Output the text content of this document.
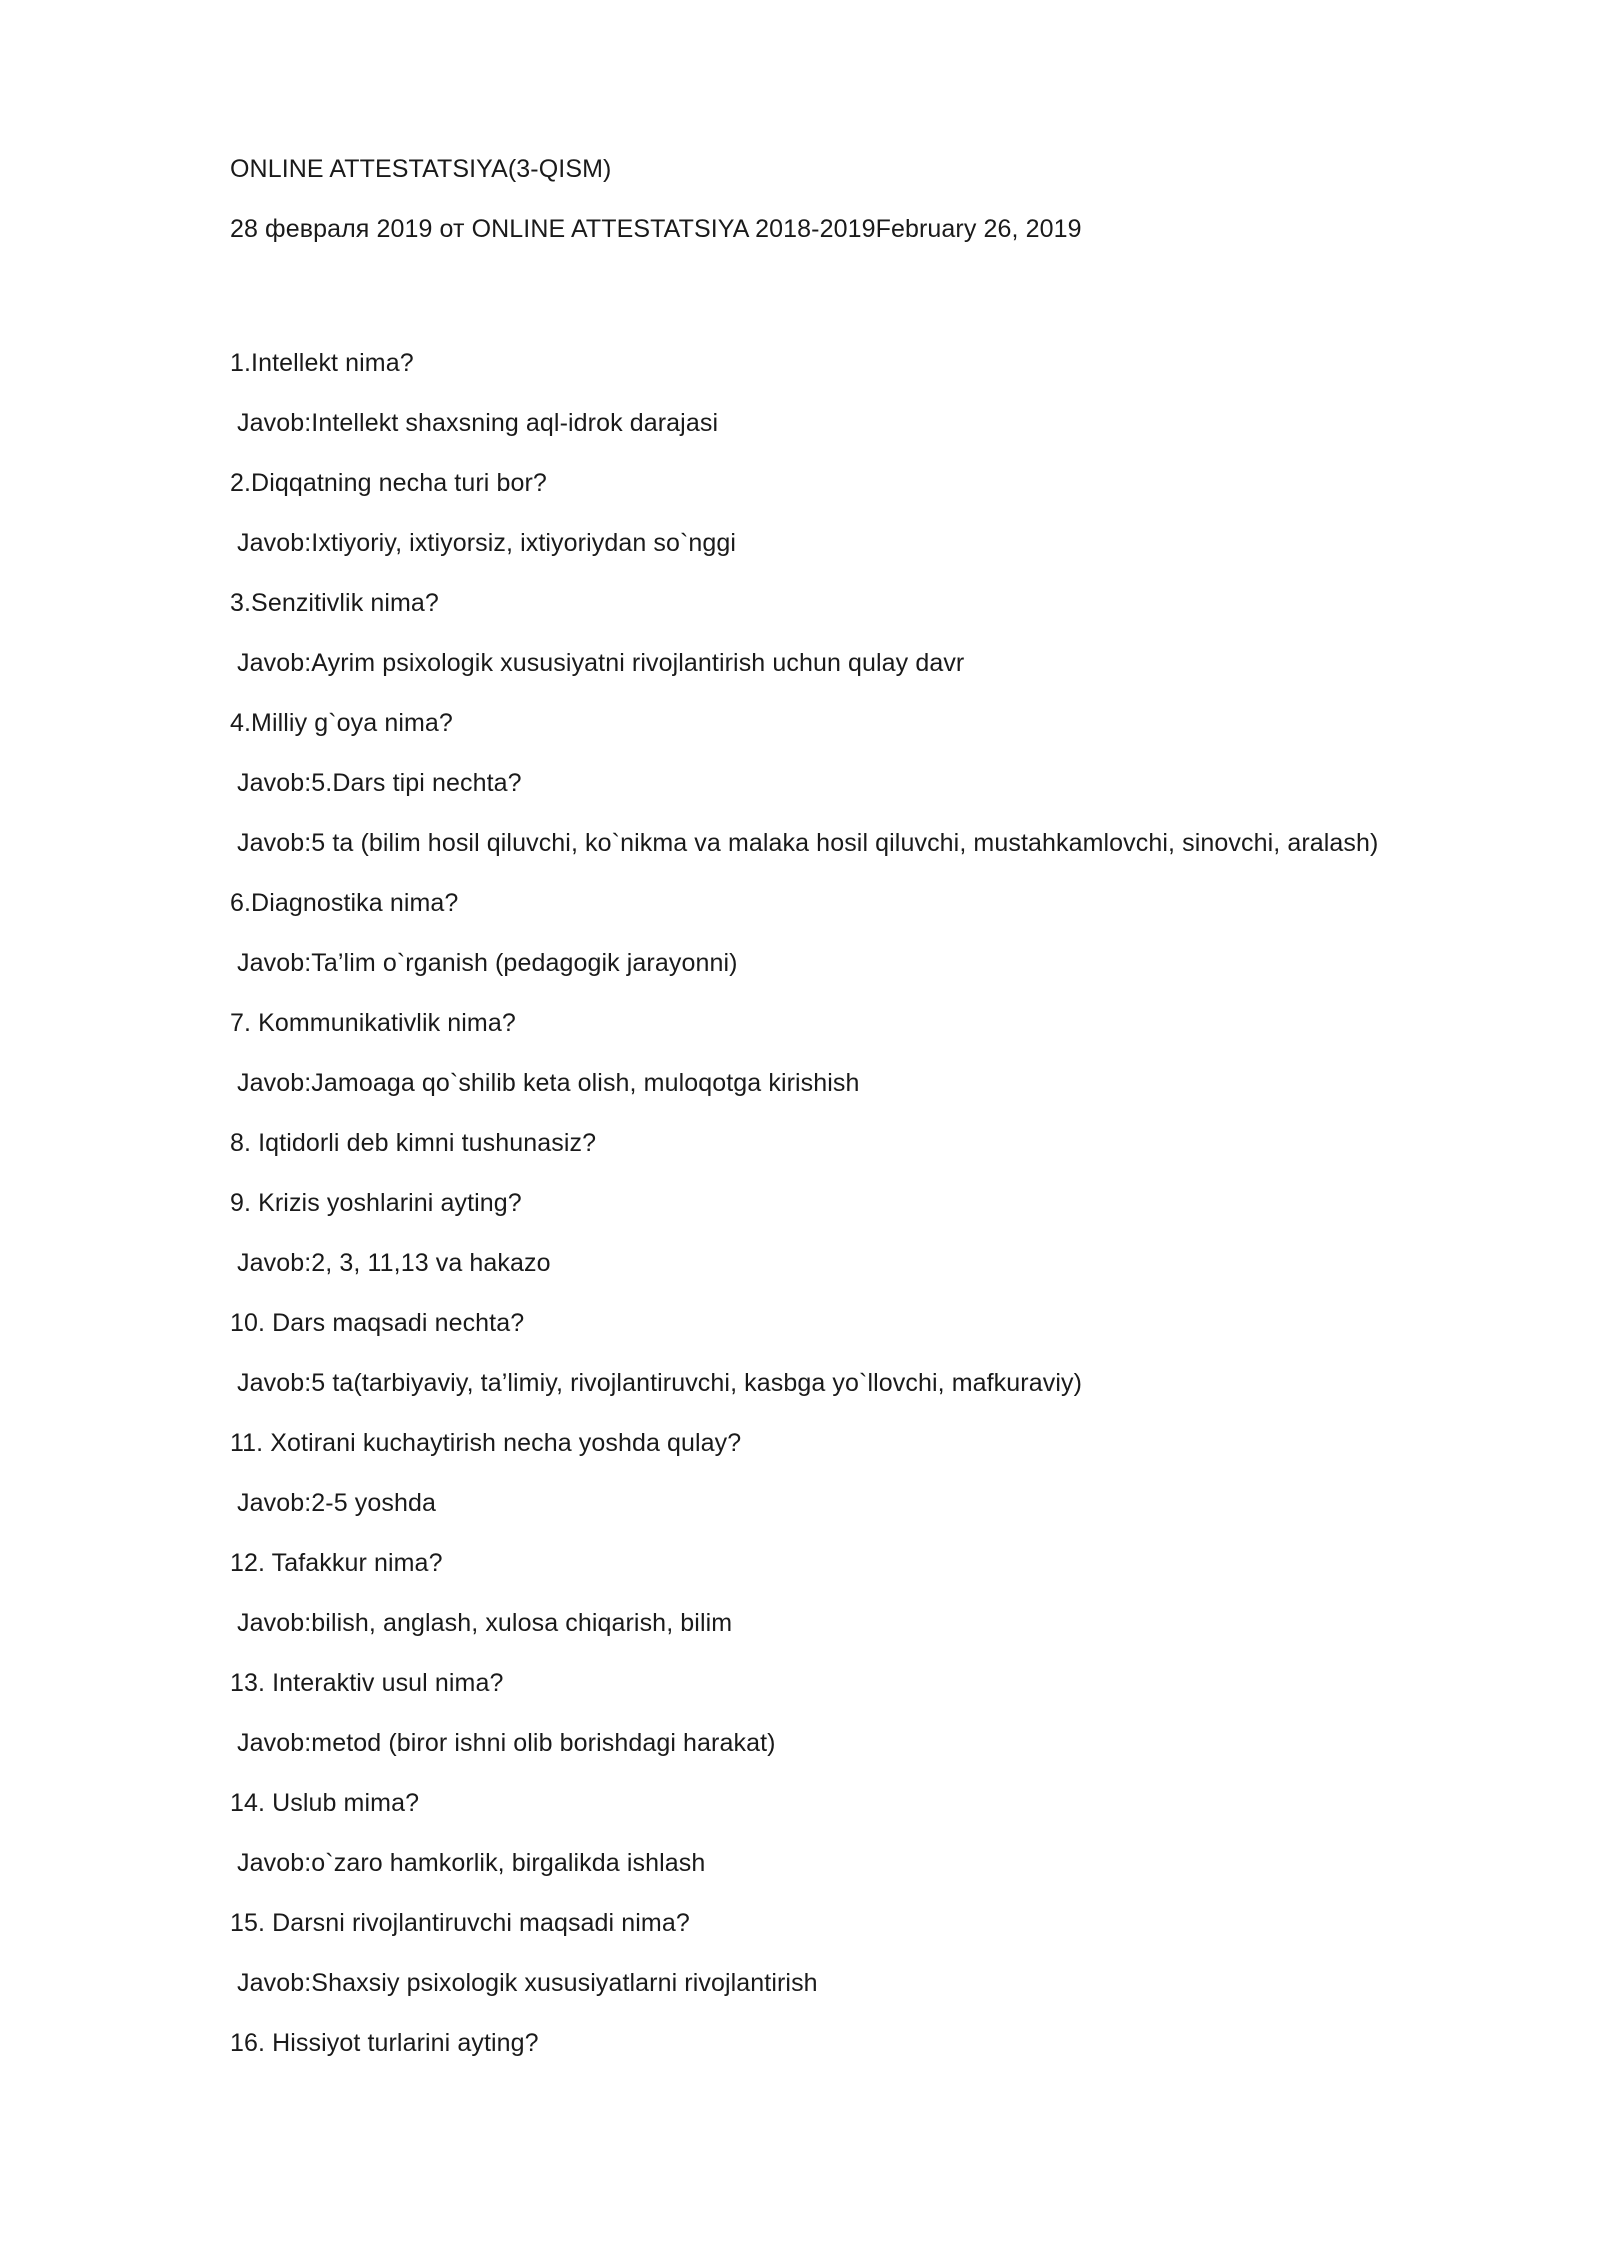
ONLINE ATTESTATSIYA(3-QISM)

28 февраля 2019 от ONLINE ATTESTATSIYA 2018-2019February 26, 2019

1.Intellekt nima?

Javob:Intellekt shaxsning aql-idrok darajasi

2.Diqqatning necha turi bor?

Javob:Ixtiyoriy, ixtiyorsiz, ixtiyoriydan so`nggi

3.Senzitivlik nima?

Javob:Ayrim psixologik xususiyatni rivojlantirish uchun qulay davr

4.Milliy g`oya nima?

Javob:5.Dars tipi nechta?

Javob:5 ta (bilim hosil qiluvchi, ko`nikma va malaka hosil qiluvchi, mustahkamlovchi, sinovchi, aralash)

6.Diagnostika nima?

Javob:Ta’lim o`rganish (pedagogik jarayonni)

7. Kommunikativlik nima?

Javob:Jamoaga qo`shilib keta olish, muloqotga kirishish

8. Iqtidorli deb kimni tushunasiz?

9. Krizis yoshlarini ayting?

Javob:2, 3, 11,13 va hakazo

10. Dars maqsadi nechta?

Javob:5 ta(tarbiyaviy, ta’limiy, rivojlantiruvchi, kasbga yo`llovchi, mafkuraviy)

11. Xotirani kuchaytirish necha yoshda qulay?

Javob:2-5 yoshda

12. Tafakkur nima?

Javob:bilish, anglash, xulosa chiqarish, bilim

13. Interaktiv usul nima?

Javob:metod (biror ishni olib borishdagi harakat)

14. Uslub mima?

Javob:o`zaro hamkorlik, birgalikda ishlash

15. Darsni rivojlantiruvchi maqsadi nima?

Javob:Shaxsiy psixologik xususiyatlarni rivojlantirish

16. Hissiyot turlarini ayting?
